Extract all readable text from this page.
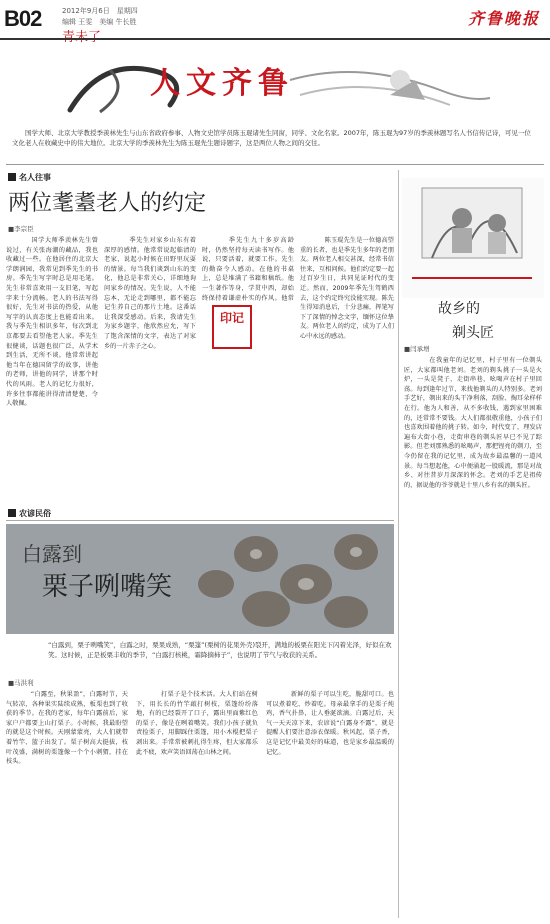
B02	2012年9月6日　星期四
编辑 王雯　美编 牛长胜	齐鲁晚报
人文齐鲁
　　国学大师、北京大学教授季羡林先生与山东省政府参事、人物文史馆学员陈玉琨诸先生同窗，同学、文化名家。2007年，陈玉琨为97岁的季羡林题写名人书信传记诗，可见一位文化老人在收藏史中的伟大地位。北京大学的季羡林先生为陈玉琨先生题诗题字，这是两位人物之间的交往。
名人往事
两位耄耋老人的约定
■李宗臣

　　国学大师季羡林先生曾说过，有关张海潮的藏品，我也收藏过一些。在他居住的北京大学朗润园，我常见到季先生的书房。季先生写字时总是用毛笔。先生非常喜欢用一支旧笔，写起字来十分流畅。老人的书法写得很好，先生对书法的热爱，从他写字的认真态度上也能看出来。我与季先生相识多年，每次到北京都要去看望他老人家。季先生很健谈，话题也很广泛，从学术到生活，无所不谈。他常常讲起他当年在德国留学的故事，讲他的老师，讲他的同学，讲那个时代的风雨。老人的记忆力很好，许多往事都能讲得清清楚楚，令人敬佩。

　　季先生对家乡山东有着深厚的感情。他常常说起临清的老家，说起小时候在田野里玩耍的情景。每当我们谈到山东的变化，他总是非常关心，详细地询问家乡的情况。先生说，人不能忘本，无论走到哪里，都不能忘记生养自己的那片土地。这番话让我深受感动。后来，我请先生为家乡题字，他欣然应允，写下了饱含深情的文字，表达了对家乡的一片赤子之心。

　　季先生九十多岁高龄时，仍然坚持每天读书写作。他说，只要活着，就要工作。先生的勤奋令人感动。在他的书桌上，总是堆满了书籍和稿纸。他一生著作等身，学贯中西，却始终保持着谦虚朴实的作风。他常

印记

　　陈玉琨先生是一位德高望重的长者，也是季先生多年的老朋友。两位老人相交甚深，经常书信往来，互相问候。他们约定要一起过百岁生日，共同见证时代的变迁。然而，2009年季先生驾鹤西去，这个约定终究没能实现。陈先生得知消息后，十分悲痛，挥笔写下了深情的悼念文字，缅怀这位挚友。两位老人的约定，成为了人们心中永远的感动。

农谚民俗
白露到
栗子咧嘴笑
“白露到，栗子咧嘴笑”，白露之时，栗果成熟，“栗篷”(栗树的花果外壳)裂开，满地的板栗在阳光下闪着光泽，好似在欢笑。这时候，正是板栗丰收的季节，“白露打核桃，霜降摘柿子”，也说明了节气与收获的关系。
■马洪利

　　“白露至，秋果盈”，白露时节，天气转凉，各种果实陆续成熟，板栗也到了收获的季节。在我的老家，每年白露前后，家家户户都要上山打栗子。小时候，我最盼望的就是这个时候。天刚蒙蒙亮，大人们就带着竹竿、篮子出发了。栗子树高大挺拔，枝叶茂盛，满树的栗篷像一个个小刺猬，挂在枝头。

　　打栗子是个技术活。大人们站在树下，用长长的竹竿敲打树枝，栗篷纷纷落地，有的已经裂开了口子，露出里面紫红色的栗子，像是在咧着嘴笑。我们小孩子就负责捡栗子，用脚踩住栗篷，用小木棍把栗子剥出来。手常常被刺扎得生疼，但大家都乐此不疲，欢声笑语回荡在山林之间。

　　新鲜的栗子可以生吃，脆甜可口。也可以煮着吃、炒着吃。母亲最拿手的是栗子炖鸡，香气扑鼻，让人垂涎欲滴。白露过后，天气一天天凉下来，农谚说“白露身不露”，就是提醒人们要注意添衣保暖。秋风起，栗子香，这是记忆中最美好的味道，也是家乡最温暖的记忆。

故乡的
剃头匠
■闫承增

　　在我童年的记忆里，村子里有一位剃头匠，大家都叫他老刘。老刘的剃头挑子一头是火炉，一头是凳子，走街串巷，吆喝声在村子里回荡。每到逢年过节，来找他剃头的人特别多。老刘手艺好，剃出来的头干净利落，刮脸、掏耳朵样样在行。他为人和善，从不多收钱，遇到家里困难的，还常常不要钱。大人们都很敬重他，小孩子们也喜欢围着他的挑子转。如今，时代变了，理发店遍布大街小巷，走街串巷的剃头匠早已不见了踪影。但老刘那熟悉的吆喝声，那把锃亮的剃刀，至今仍留在我的记忆里，成为故乡最温馨的一道风景。每当想起他，心中便涌起一股暖流，那是对故乡、对往昔岁月深深的怀念。老刘的手艺是祖传的，据说他的爷爷就是十里八乡有名的剃头匠。
